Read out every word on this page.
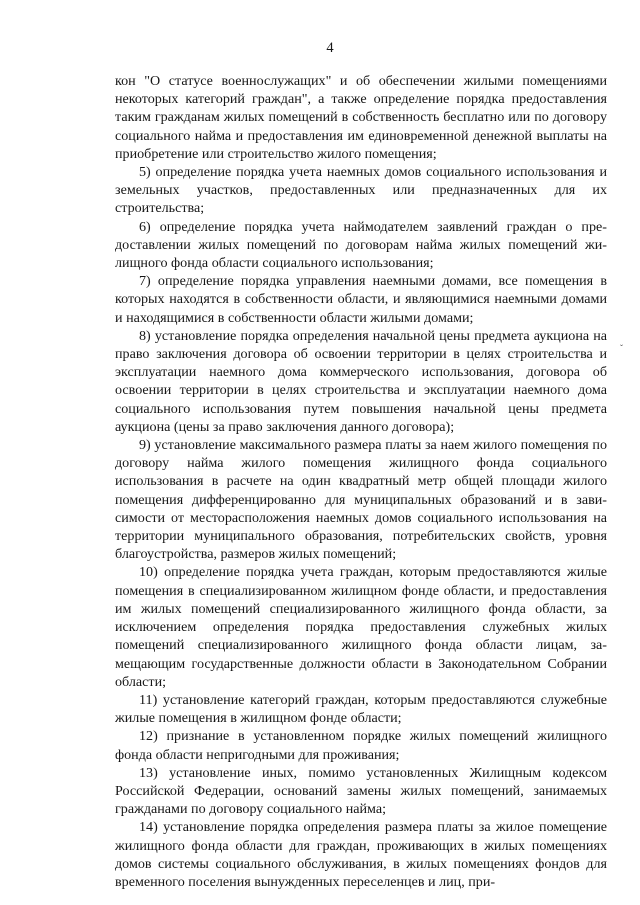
4

кон "О статусе военнослужащих" и об обеспечении жилыми помещениями некоторых категорий граждан", а также определение порядка предоставления таким гражданам жилых помещений в собственность бесплатно или по договору социального найма и предоставления им единовременной денежной выплаты на приобретение или строительство жилого помещения;

5) определение порядка учета наемных домов социального использования и земельных участков, предоставленных или предназначенных для их строительства;

6) определение порядка учета наймодателем заявлений граждан о предоставлении жилых помещений по договорам найма жилых помещений жилищного фонда области социального использования;

7) определение порядка управления наемными домами, все помещения в которых находятся в собственности области, и являющимися наемными домами и находящимися в собственности области жилыми домами;

8) установление порядка определения начальной цены предмета аукциона на право заключения договора об освоении территории в целях строительства и эксплуатации наемного дома коммерческого использования, договора об освоении территории в целях строительства и эксплуатации наемного дома социального использования путем повышения начальной цены предмета аукциона (цены за право заключения данного договора);

9) установление максимального размера платы за наем жилого помещения по договору найма жилого помещения жилищного фонда социального использования в расчете на один квадратный метр общей площади жилого помещения дифференцированно для муниципальных образований и в зависимости от месторасположения наемных домов социального использования на территории муниципального образования, потребительских свойств, уровня благоустройства, размеров жилых помещений;

10) определение порядка учета граждан, которым предоставляются жилые помещения в специализированном жилищном фонде области, и предоставления им жилых помещений специализированного жилищного фонда области, за исключением определения порядка предоставления служебных жилых помещений специализированного жилищного фонда области лицам, замещающим государственные должности области в Законодательном Собрании области;

11) установление категорий граждан, которым предоставляются служебные жилые помещения в жилищном фонде области;

12) признание в установленном порядке жилых помещений жилищного фонда области непригодными для проживания;

13) установление иных, помимо установленных Жилищным кодексом Российской Федерации, оснований замены жилых помещений, занимаемых гражданами по договору социального найма;

14) установление порядка определения размера платы за жилое помещение жилищного фонда области для граждан, проживающих в жилых помещениях домов системы социального обслуживания, в жилых помещениях фондов для временного поселения вынужденных переселенцев и лиц, при-

ˇ
